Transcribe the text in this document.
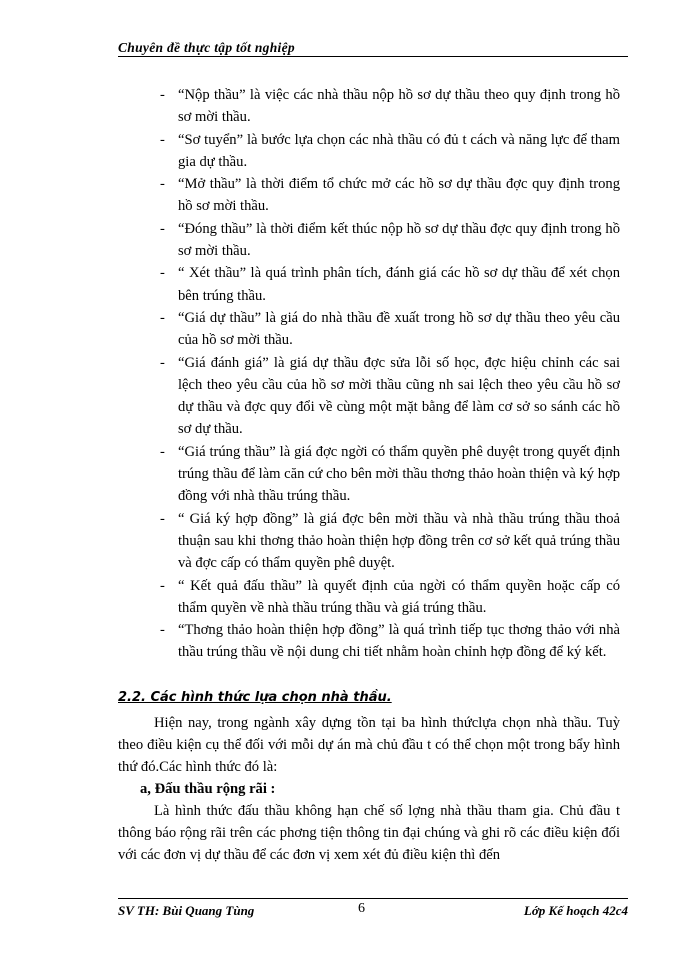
Chuyên đề thực tập tốt nghiệp
- “Nộp thầu” là việc các nhà thầu nộp hồ sơ dự thầu theo quy định trong hồ sơ mời thầu.
- “Sơ tuyển” là bước lựa chọn các nhà thầu có đủ t cách và năng lực để tham gia dự thầu.
- “Mở thầu” là thời điểm tổ chức mở các hồ sơ dự thầu đợc quy định trong hồ sơ mời thầu.
- “Đóng thầu” là thời điểm kết thúc nộp hồ sơ dự thầu đợc quy định trong hồ sơ mời thầu.
- “ Xét thầu” là quá trình phân tích, đánh giá các hồ sơ dự thầu để xét chọn bên trúng thầu.
- “Giá dự thầu” là giá do nhà thầu đề xuất trong hồ sơ dự thầu theo yêu cầu của hồ sơ mời thầu.
- “Giá đánh giá” là giá dự thầu đợc sửa lỗi số học, đợc hiệu chỉnh các sai lệch theo yêu cầu của hồ sơ mời thầu cũng nh sai lệch theo yêu cầu hồ sơ dự thầu và đợc quy đổi về cùng một mặt bằng để làm cơ sở so sánh các hồ sơ dự thầu.
- “Giá trúng thầu” là giá đợc ngời có thẩm quyền phê duyệt trong quyết định trúng thầu để làm căn cứ cho bên mời thầu thơng thảo hoàn thiện và ký hợp đồng với nhà thầu trúng thầu.
- “ Giá ký hợp đồng” là giá đợc bên mời thầu và nhà thầu trúng thầu thoả thuận sau khi thơng thảo hoàn thiện hợp đồng trên cơ sở kết quả trúng thầu và đợc cấp có thẩm quyền phê duyệt.
- “ Kết quả đấu thầu” là quyết định của ngời có thẩm quyền hoặc cấp có thẩm quyền về nhà thầu trúng thầu và giá trúng thầu.
- “Thơng thảo hoàn thiện hợp đồng” là quá trình tiếp tục thơng thảo với nhà thầu trúng thầu về nội dung chi tiết nhằm hoàn chỉnh hợp đồng để ký kết.
2.2. Các hình thức lựa chọn nhà thầu.

Hiện nay, trong ngành xây dựng tồn tại ba hình thứclựa chọn nhà thầu. Tuỳ theo điều kiện cụ thể đối với mỗi dự án mà chủ đầu t có thể chọn một trong bẩy hình thứ đó.Các hình thức đó là:

a, Đấu thầu rộng rãi :

Là hình thức đấu thầu không hạn chế số lợng nhà thầu tham gia. Chủ đầu t thông báo rộng rãi trên các phơng tiện thông tin đại chúng và ghi rõ các điều kiện đối với các đơn vị dự thầu để các đơn vị xem xét đủ điều kiện thì đến

SV TH: Bùi Quang Tùng	6	Lớp Kế hoạch 42c4
